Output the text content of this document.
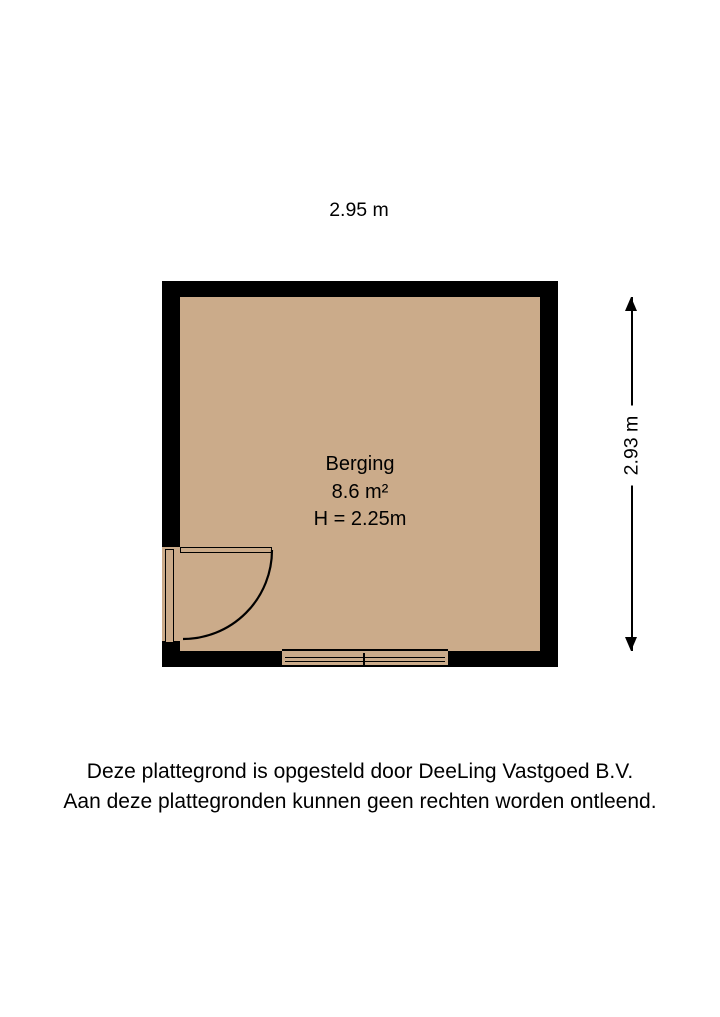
2.95 m
2.93 m
Berging
8.6 m²
H = 2.25m
Deze plattegrond is opgesteld door DeeLing Vastgoed B.V.
Aan deze plattegronden kunnen geen rechten worden ontleend.
